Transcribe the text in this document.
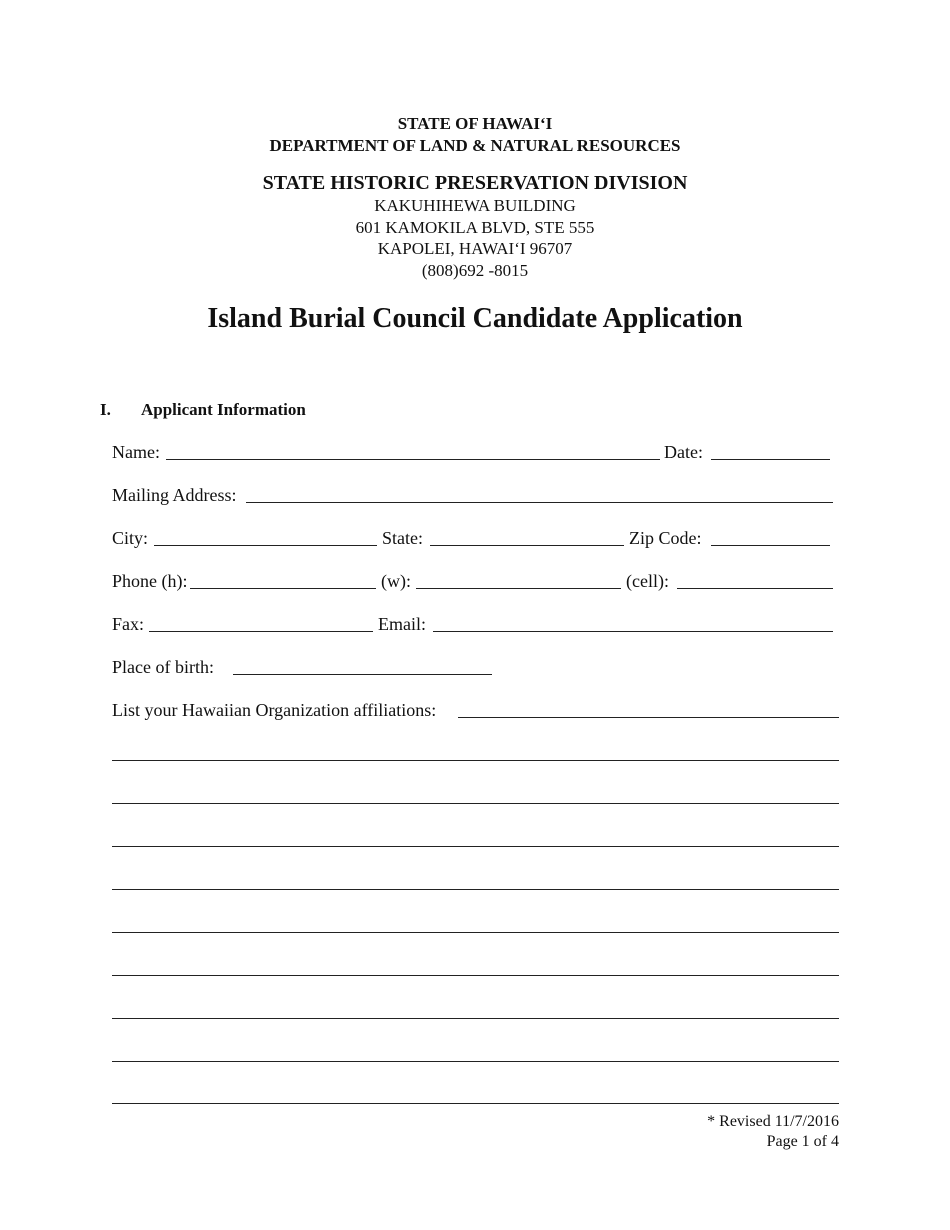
STATE OF HAWAI‘I
DEPARTMENT OF LAND & NATURAL RESOURCES
STATE HISTORIC PRESERVATION DIVISION
KAKUHIHEWA BUILDING
601 KAMOKILA BLVD, STE 555
KAPOLEI, HAWAI‘I 96707
(808)692 -8015
Island Burial Council Candidate Application
I. Applicant Information
Name:	Date:
Mailing Address:
City:	State:	Zip Code:
Phone (h):	(w):	(cell):
Fax:	Email:
Place of birth:
List your Hawaiian Organization affiliations:
* Revised 11/7/2016
Page 1 of 4
